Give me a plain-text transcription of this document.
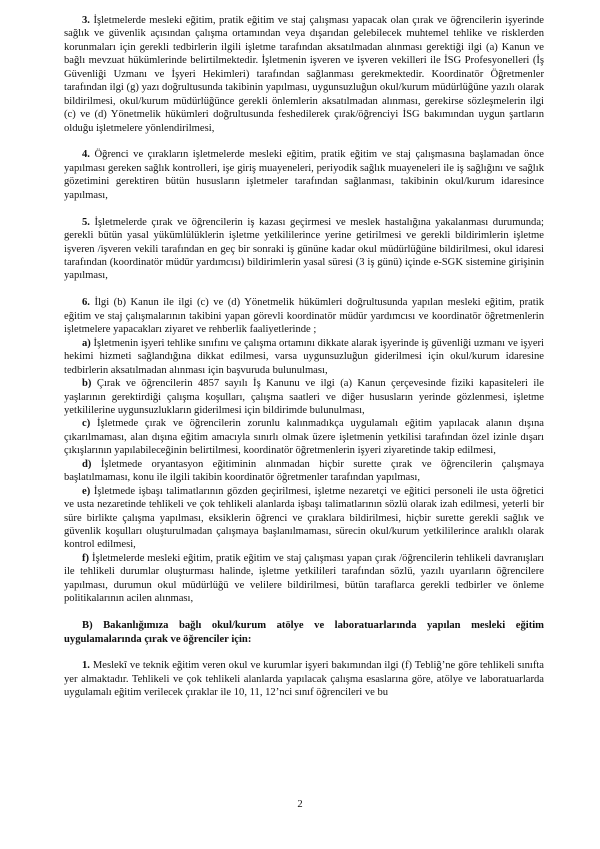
3. İşletmelerde mesleki eğitim, pratik eğitim ve staj çalışması yapacak olan çırak ve öğrencilerin işyerinde sağlık ve güvenlik açısından çalışma ortamından veya dışarıdan gelebilecek muhtemel tehlike ve risklerden korunmaları için gerekli tedbirlerin ilgili işletme tarafından aksatılmadan alınması gerektiği ilgi (a) Kanun ve bağlı mevzuat hükümlerinde belirtilmektedir. İşletmenin işveren ve işveren vekilleri ile İSG Profesyonelleri (İş Güvenliği Uzmanı ve İşyeri Hekimleri) tarafından sağlanması gerekmektedir. Koordinatör Öğretmenler tarafından ilgi (g) yazı doğrultusunda takibinin yapılması, uygunsuzluğun okul/kurum müdürlüğüne yazılı olarak bildirilmesi, okul/kurum müdürlüğünce gerekli önlemlerin aksatılmadan alınması, gerekirse sözleşmelerin ilgi (c) ve (d) Yönetmelik hükümleri doğrultusunda feshedilerek çırak/öğrenciyi İSG bakımından uygun şartların olduğu işletmelere yönlendirilmesi,

4. Öğrenci ve çırakların işletmelerde mesleki eğitim, pratik eğitim ve staj çalışmasına başlamadan önce yapılması gereken sağlık kontrolleri, işe giriş muayeneleri, periyodik sağlık muayeneleri ile iş sağlığını ve sağlık gözetimini gerektiren bütün hususların işletmeler tarafından sağlanması, takibinin okul/kurum idaresince yapılması,

5. İşletmelerde çırak ve öğrencilerin iş kazası geçirmesi ve meslek hastalığına yakalanması durumunda; gerekli bütün yasal yükümlülüklerin işletme yetkililerince yerine getirilmesi ve gerekli bildirimlerin işletme işveren /işveren vekili tarafından en geç bir sonraki iş gününe kadar okul müdürlüğüne bildirilmesi, okul idaresi tarafından (koordinatör müdür yardımcısı) bildirimlerin yasal süresi (3 iş günü) içinde e-SGK sistemine girişinin yapılması,

6. İlgi (b) Kanun ile ilgi (c) ve (d) Yönetmelik hükümleri doğrultusunda yapılan mesleki eğitim, pratik eğitim ve staj çalışmalarının takibini yapan görevli koordinatör müdür yardımcısı ve koordinatör öğretmenlerin işletmelere yapacakları ziyaret ve rehberlik faaliyetlerinde ;

a) İşletmenin işyeri tehlike sınıfını ve çalışma ortamını dikkate alarak işyerinde iş güvenliği uzmanı ve işyeri hekimi hizmeti sağlandığına dikkat edilmesi, varsa uygunsuzluğun giderilmesi için okul/kurum idaresine tedbirlerin aksatılmadan alınması için başvuruda bulunulması,

b) Çırak ve öğrencilerin 4857 sayılı İş Kanunu ve ilgi (a) Kanun çerçevesinde fiziki kapasiteleri ile yaşlarının gerektirdiği çalışma koşulları, çalışma saatleri ve diğer hususların yerinde gözlenmesi, işletme yetkililerine uygunsuzlukların giderilmesi için bildirimde bulunulması,

c) İşletmede çırak ve öğrencilerin zorunlu kalınmadıkça uygulamalı eğitim yapılacak alanın dışına çıkarılmaması, alan dışına eğitim amacıyla sınırlı olmak üzere işletmenin yetkilisi tarafından özel izinle dışarı çıkışlarının yapılabileceğinin belirtilmesi, koordinatör öğretmenlerin işyeri ziyaretinde takip edilmesi,

d) İşletmede oryantasyon eğitiminin alınmadan hiçbir surette çırak ve öğrencilerin çalışmaya başlatılmaması, konu ile ilgili takibin koordinatör öğretmenler tarafından yapılması,

e) İşletmede işbaşı talimatlarının gözden geçirilmesi, işletme nezaretçi ve eğitici personeli ile usta öğretici ve usta nezaretinde tehlikeli ve çok tehlikeli alanlarda işbaşı talimatlarının sözlü olarak izah edilmesi, yeterli bir süre birlikte çalışma yapılması, eksiklerin öğrenci ve çıraklara bildirilmesi, hiçbir surette gerekli sağlık ve güvenlik koşulları oluşturulmadan çalışmaya başlanılmaması, sürecin okul/kurum yetkililerince aralıklı olarak kontrol edilmesi,

f) İşletmelerde mesleki eğitim, pratik eğitim ve staj çalışması yapan çırak /öğrencilerin tehlikeli davranışları ile tehlikeli durumlar oluşturması halinde, işletme yetkilileri tarafından sözlü, yazılı uyarıların öğrencilere yapılması, durumun okul müdürlüğü ve velilere bildirilmesi, bütün taraflarca gerekli tedbirler ve önleme politikalarının acilen alınması,

B) Bakanlığımıza bağlı okul/kurum atölye ve laboratuarlarında yapılan mesleki eğitim uygulamalarında çırak ve öğrenciler için:

1. Meslekî ve teknik eğitim veren okul ve kurumlar işyeri bakımından ilgi (f) Tebliğ’ne göre tehlikeli sınıfta yer almaktadır. Tehlikeli ve çok tehlikeli alanlarda yapılacak çalışma esaslarına göre, atölye ve laboratuarlarda uygulamalı eğitim verilecek çıraklar ile 10, 11, 12’nci sınıf öğrencileri ve bu

2
